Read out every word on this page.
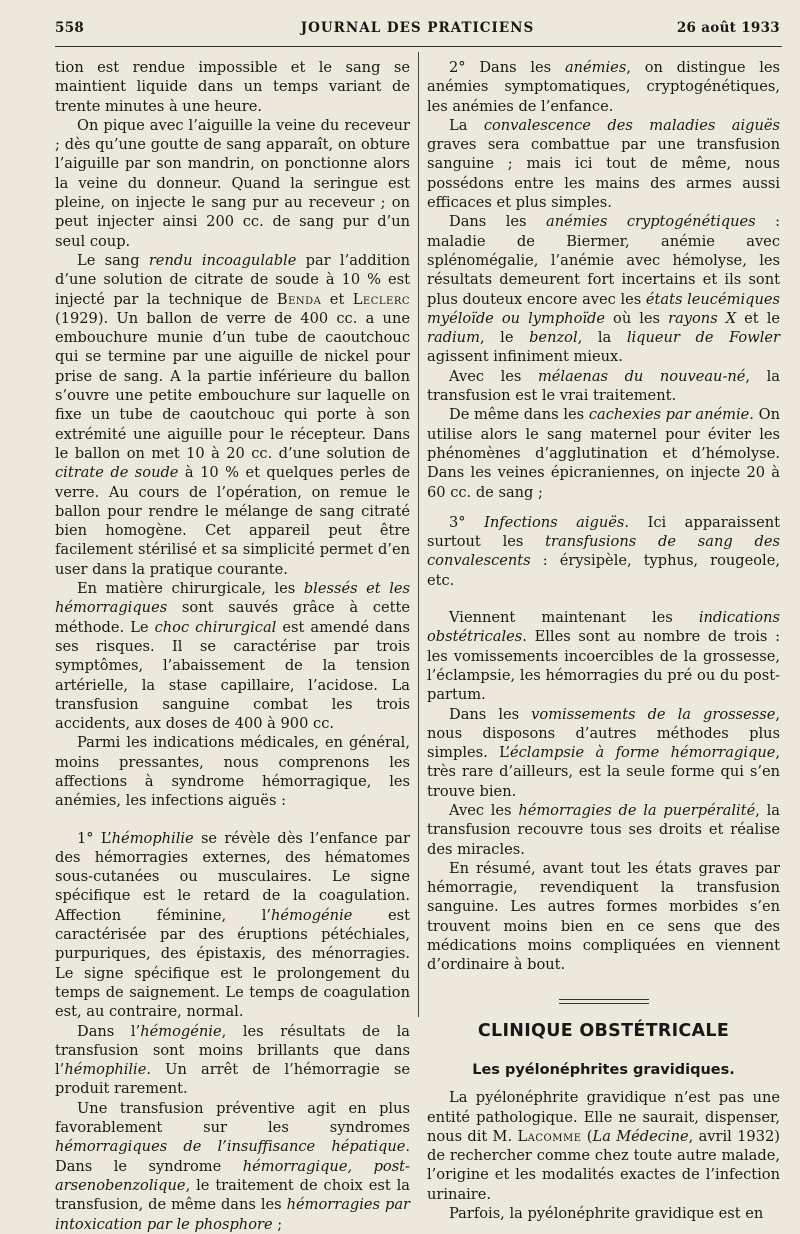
558	JOURNAL DES PRATICIENS	26 août 1933

tion est rendue impossible et le sang se maintient liquide dans un temps variant de trente minutes à une heure.

On pique avec l’aiguille la veine du receveur ; dès qu’une goutte de sang apparaît, on obture l’aiguille par son mandrin, on ponctionne alors la veine du donneur. Quand la seringue est pleine, on injecte le sang pur au receveur ; on peut injecter ainsi 200 cc. de sang pur d’un seul coup.

Le sang rendu incoagulable par l’addition d’une solution de citrate de soude à 10 % est injecté par la technique de Benda et Leclerc (1929). Un ballon de verre de 400 cc. a une embouchure munie d’un tube de caoutchouc qui se termine par une aiguille de nickel pour prise de sang. A la partie inférieure du ballon s’ouvre une petite embouchure sur laquelle on fixe un tube de caoutchouc qui porte à son extrémité une aiguille pour le récepteur. Dans le ballon on met 10 à 20 cc. d’une solution de citrate de soude à 10 % et quelques perles de verre. Au cours de l’opération, on remue le ballon pour rendre le mélange de sang citraté bien homogène. Cet appareil peut être facilement stérilisé et sa simplicité permet d’en user dans la pratique courante.

En matière chirurgicale, les blessés et les hémorragiques sont sauvés grâce à cette méthode. Le choc chirurgical est amendé dans ses risques. Il se caractérise par trois symptômes, l’abaissement de la tension artérielle, la stase capillaire, l’acidose. La transfusion sanguine combat les trois accidents, aux doses de 400 à 900 cc.

Parmi les indications médicales, en général, moins pressantes, nous comprenons les affections à syndrome hémorragique, les anémies, les infections aiguës :

1° L’hémophilie se révèle dès l’enfance par des hémorragies externes, des hématomes sous-cutanées ou musculaires. Le signe spécifique est le retard de la coagulation. Affection féminine, l’hémogénie est caractérisée par des éruptions pétéchiales, purpuriques, des épistaxis, des ménorragies. Le signe spécifique est le prolongement du temps de saignement. Le temps de coagulation est, au contraire, normal.

Dans l’hémogénie, les résultats de la transfusion sont moins brillants que dans l’hémophilie. Un arrêt de l’hémorragie se produit rarement.

Une transfusion préventive agit en plus favorablement sur les syndromes hémorragiques de l’insuffisance hépatique. Dans le syndrome hémorragique, post-arsenobenzolique, le traitement de choix est la transfusion, de même dans les hémorragies par intoxication par le phosphore ;

2° Dans les anémies, on distingue les anémies symptomatiques, cryptogénétiques, les anémies de l’enfance.

La convalescence des maladies aiguës graves sera combattue par une transfusion sanguine ; mais ici tout de même, nous possédons entre les mains des armes aussi efficaces et plus simples.

Dans les anémies cryptogénétiques : maladie de Biermer, anémie avec splénomégalie, l’anémie avec hémolyse, les résultats demeurent fort incertains et ils sont plus douteux encore avec les états leucémiques myéloïde ou lymphoïde où les rayons X et le radium, le benzol, la liqueur de Fowler agissent infiniment mieux.

Avec les mélaenas du nouveau-né, la transfusion est le vrai traitement.

De même dans les cachexies par anémie. On utilise alors le sang maternel pour éviter les phénomènes d’agglutination et d’hémolyse. Dans les veines épicraniennes, on injecte 20 à 60 cc. de sang ;

3° Infections aiguës. Ici apparaissent surtout les transfusions de sang des convalescents : érysipèle, typhus, rougeole, etc.

Viennent maintenant les indications obstétricales. Elles sont au nombre de trois : les vomissements incoercibles de la grossesse, l’éclampsie, les hémorragies du pré ou du post-partum.

Dans les vomissements de la grossesse, nous disposons d’autres méthodes plus simples. L’éclampsie à forme hémorragique, très rare d’ailleurs, est la seule forme qui s’en trouve bien.

Avec les hémorragies de la puerpéralité, la transfusion recouvre tous ses droits et réalise des miracles.

En résumé, avant tout les états graves par hémorragie, revendiquent la transfusion sanguine. Les autres formes morbides s’en trouvent moins bien en ce sens que des médications moins compliquées en viennent d’ordinaire à bout.

CLINIQUE OBSTÉTRICALE
Les pyélonéphrites gravidiques.

La pyélonéphrite gravidique n’est pas une entité pathologique. Elle ne saurait, dispenser, nous dit M. Lacomme (La Médecine, avril 1932) de rechercher comme chez toute autre malade, l’origine et les modalités exactes de l’infection urinaire.

Parfois, la pyélonéphrite gravidique est en
